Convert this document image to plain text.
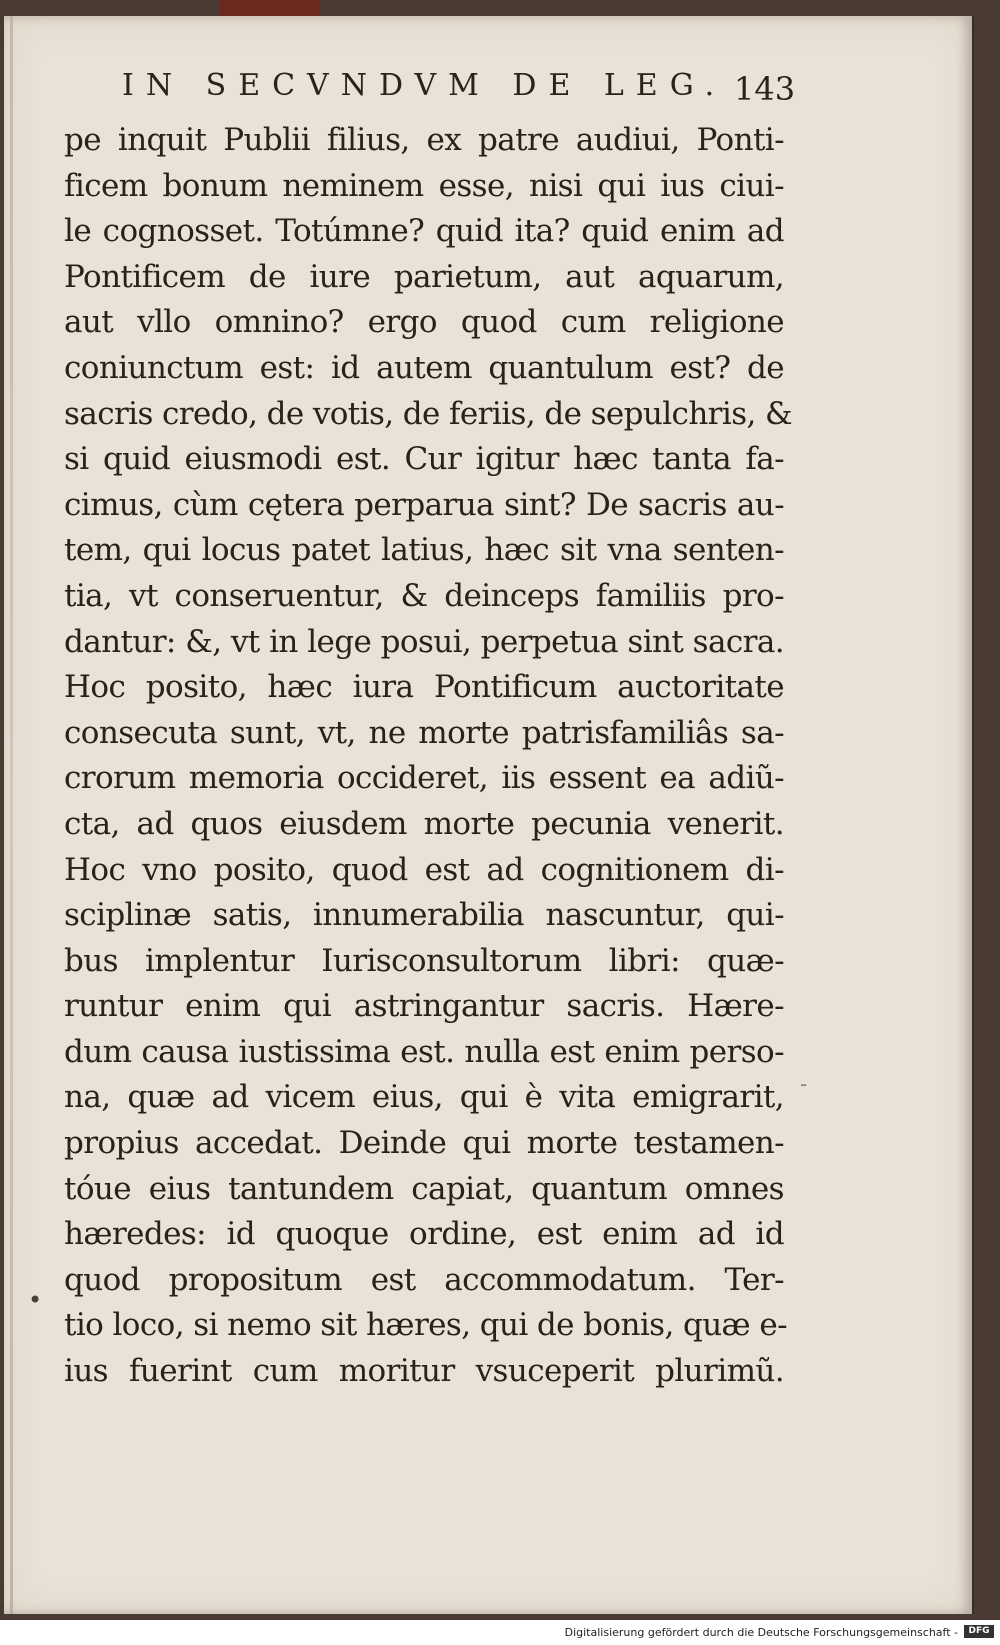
IN SECVNDVM DE LEG. 143
pe inquit Publii filius, ex patre audiui, Ponti-
ficem bonum neminem esse, nisi qui ius ciui-
le cognosset. Totúmne? quid ita? quid enim ad
Pontificem de iure parietum, aut aquarum,
aut vllo omnino? ergo quod cum religione
coniunctum est: id autem quantulum est? de
sacris credo, de votis, de feriis, de sepulchris, &
si quid eiusmodi est. Cur igitur hæc tanta fa-
cimus, cùm cętera perparua sint? De sacris au-
tem, qui locus patet latius, hæc sit vna senten-
tia, vt conseruentur, & deinceps familiis pro-
dantur: &, vt in lege posui, perpetua sint sacra.
Hoc posito, hæc iura Pontificum auctoritate
consecuta sunt, vt, ne morte patrisfamiliâs sa-
crorum memoria occideret, iis essent ea adiũ-
cta, ad quos eiusdem morte pecunia venerit.
Hoc vno posito, quod est ad cognitionem di-
sciplinæ satis, innumerabilia nascuntur, qui-
bus implentur Iurisconsultorum libri: quæ-
runtur enim qui astringantur sacris. Hære-
dum causa iustissima est. nulla est enim perso-
na, quæ ad vicem eius, qui è vita emigrarit,
propius accedat. Deinde qui morte testamen-
tóue eius tantundem capiat, quantum omnes
hæredes: id quoque ordine, est enim ad id
quod propositum est accommodatum. Ter-
tio loco, si nemo sit hæres, qui de bonis, quæ e-
ius fuerint cum moritur vsuceperit plurimũ.
•
-
Digitalisierung gefördert durch die Deutsche Forschungsgemeinschaft -	DFG
